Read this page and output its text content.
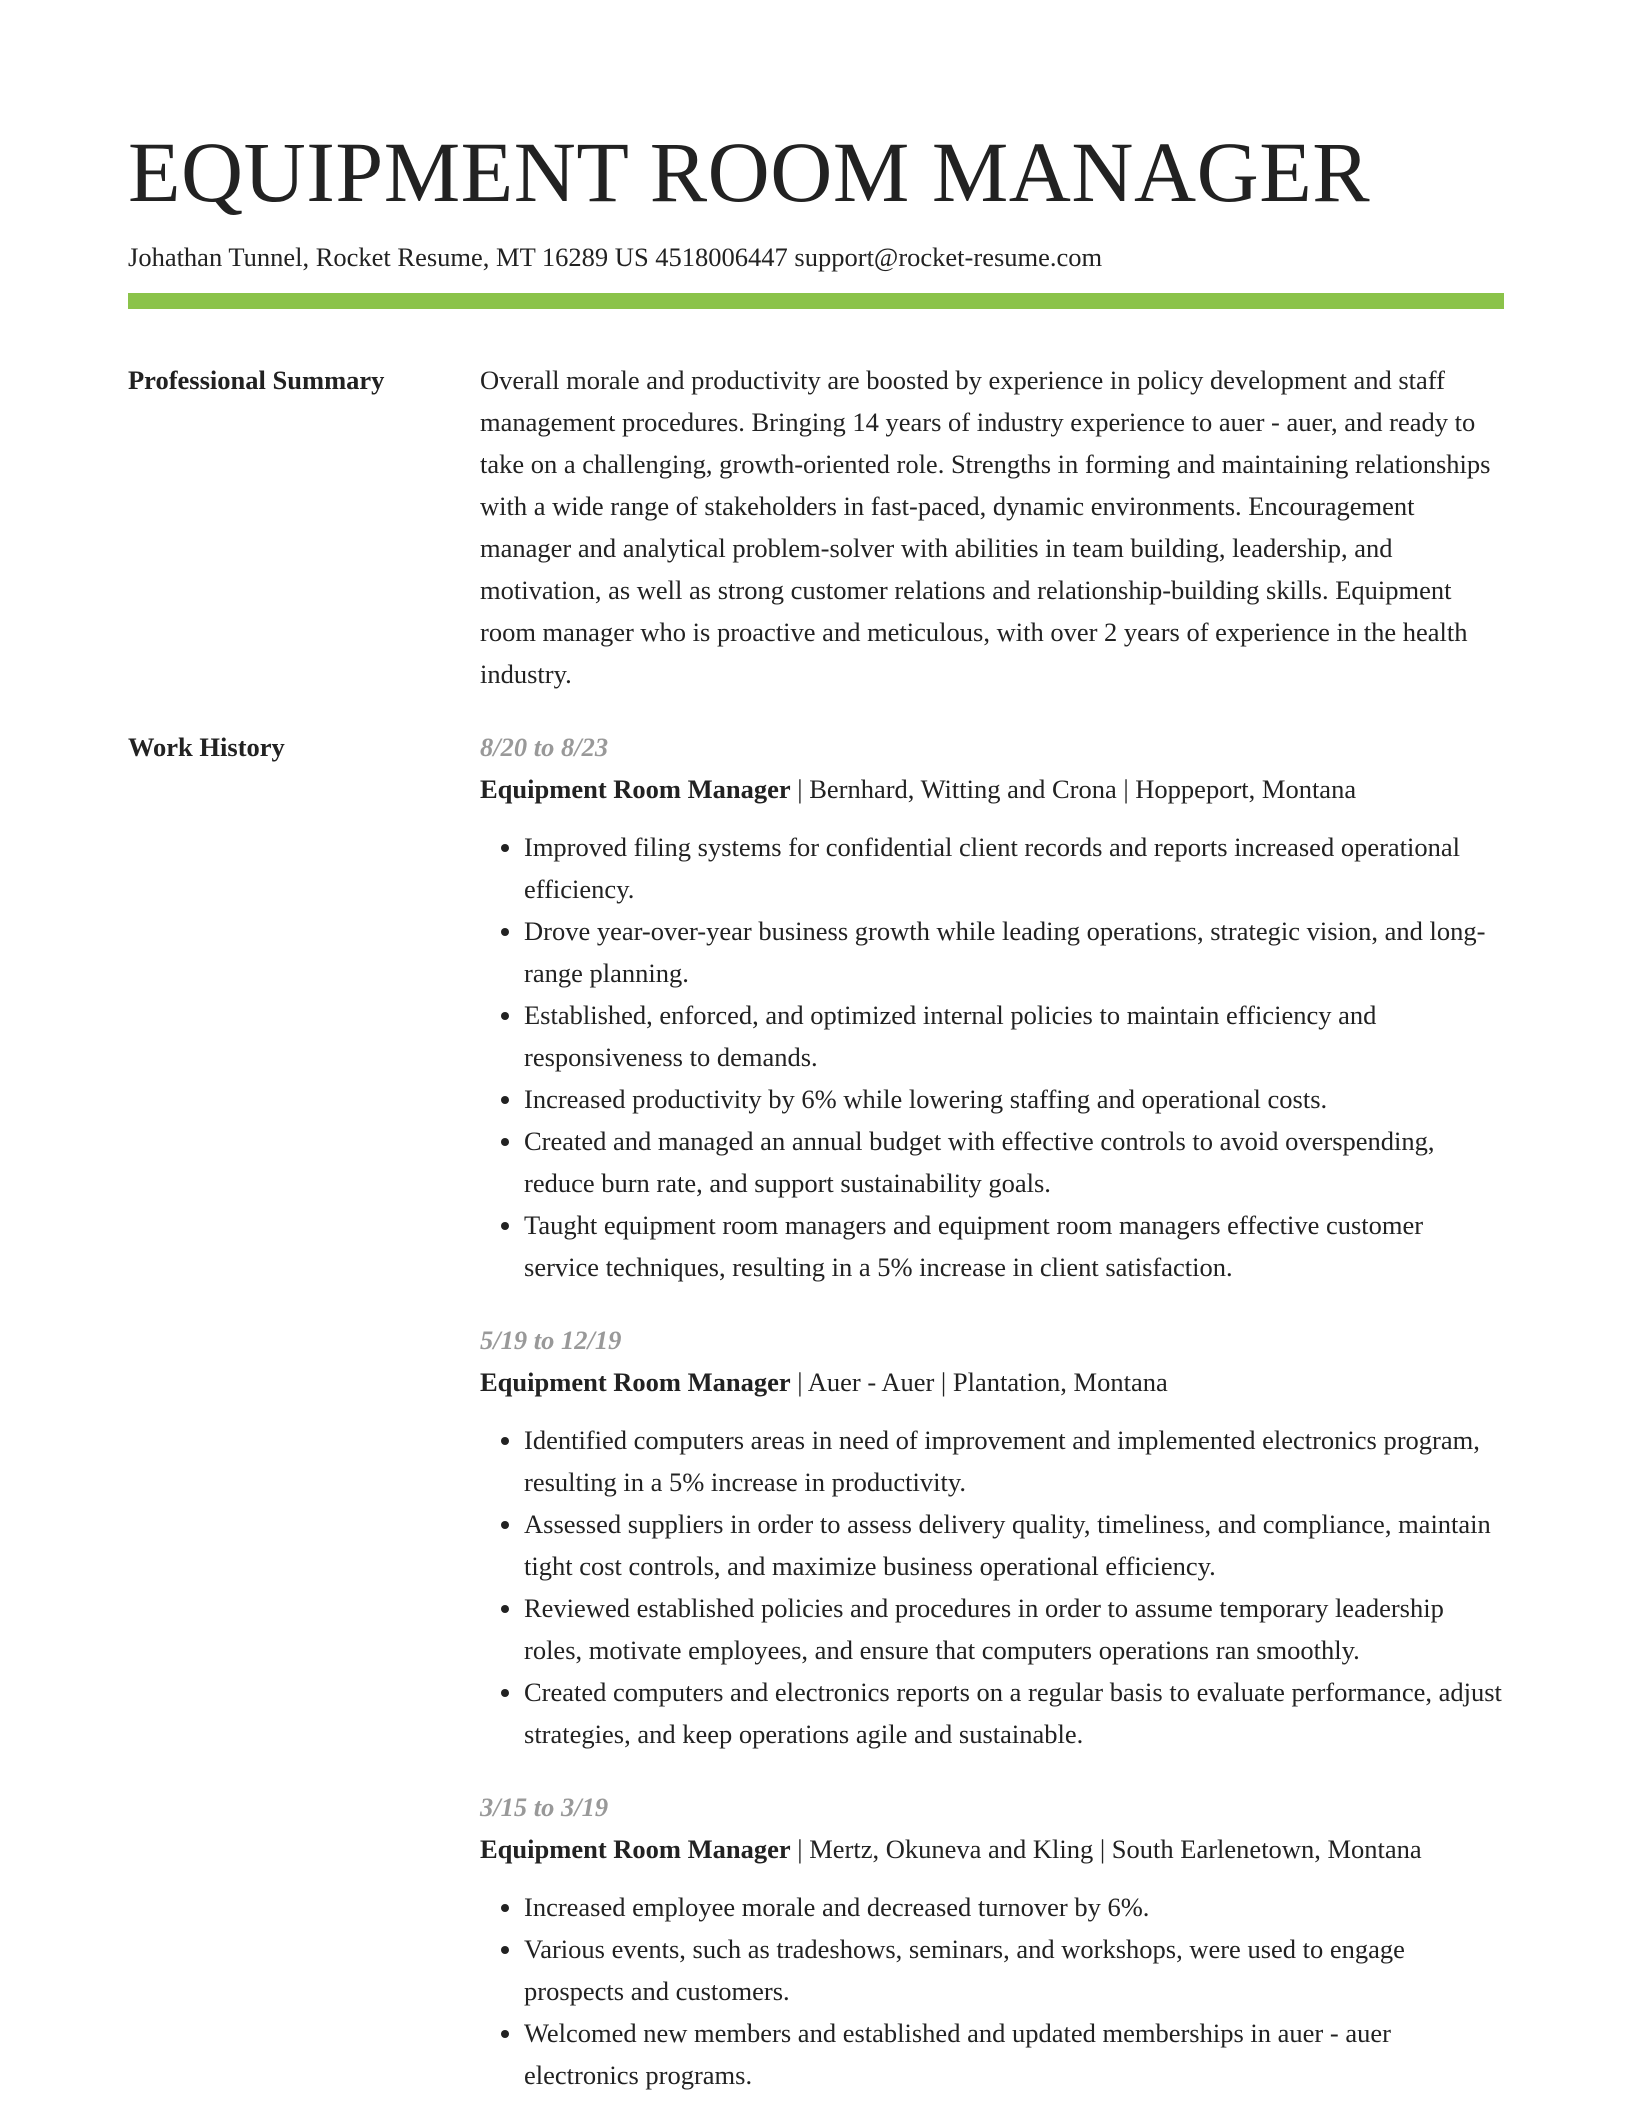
EQUIPMENT ROOM MANAGER
Johathan Tunnel, Rocket Resume, MT 16289 US 4518006447 support@rocket-resume.com
Professional Summary	Overall morale and productivity are boosted by experience in policy development and staff management procedures. Bringing 14 years of industry experience to auer - auer, and ready to take on a challenging, growth-oriented role. Strengths in forming and maintaining relationships with a wide range of stakeholders in fast-paced, dynamic environments. Encouragement manager and analytical problem-solver with abilities in team building, leadership, and motivation, as well as strong customer relations and relationship-building skills. Equipment room manager who is proactive and meticulous, with over 2 years of experience in the health industry.

Work History	8/20 to 8/23
Equipment Room Manager | Bernhard, Witting and Crona | Hoppeport, Montana
• Improved filing systems for confidential client records and reports increased operational efficiency.
• Drove year-over-year business growth while leading operations, strategic vision, and long-range planning.
• Established, enforced, and optimized internal policies to maintain efficiency and responsiveness to demands.
• Increased productivity by 6% while lowering staffing and operational costs.
• Created and managed an annual budget with effective controls to avoid overspending, reduce burn rate, and support sustainability goals.
• Taught equipment room managers and equipment room managers effective customer service techniques, resulting in a 5% increase in client satisfaction.
5/19 to 12/19
Equipment Room Manager | Auer - Auer | Plantation, Montana
• Identified computers areas in need of improvement and implemented electronics program, resulting in a 5% increase in productivity.
• Assessed suppliers in order to assess delivery quality, timeliness, and compliance, maintain tight cost controls, and maximize business operational efficiency.
• Reviewed established policies and procedures in order to assume temporary leadership roles, motivate employees, and ensure that computers operations ran smoothly.
• Created computers and electronics reports on a regular basis to evaluate performance, adjust strategies, and keep operations agile and sustainable.
3/15 to 3/19
Equipment Room Manager | Mertz, Okuneva and Kling | South Earlenetown, Montana
• Increased employee morale and decreased turnover by 6%.
• Various events, such as tradeshows, seminars, and workshops, were used to engage prospects and customers.
• Welcomed new members and established and updated memberships in auer - auer electronics programs.
